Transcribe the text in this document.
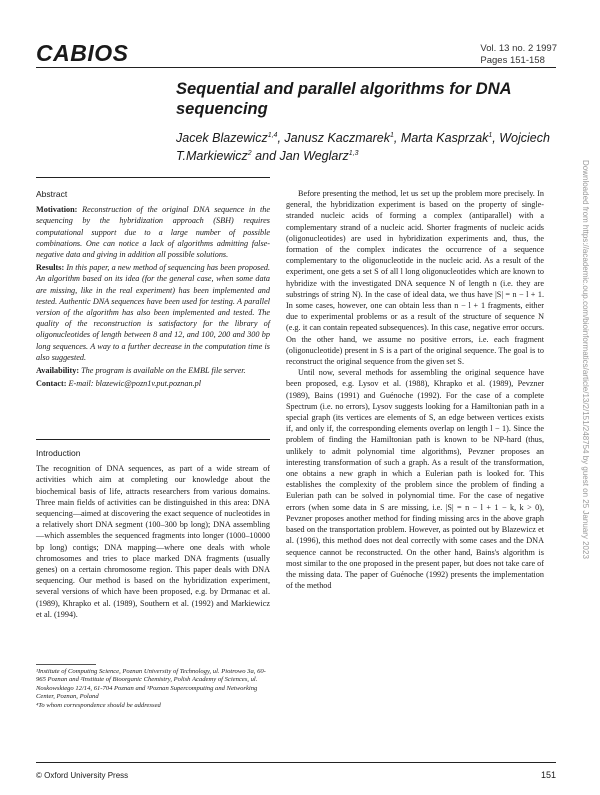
CABIOS	Vol. 13 no. 2 1997
Pages 151-158
Sequential and parallel algorithms for DNA sequencing
Jacek Blazewicz$^{1,4}$, Janusz Kaczmarek$^1$, Marta Kasprzak$^1$, Wojciech T.Markiewicz$^2$ and Jan Weglarz$^{1,3}$
Abstract

Motivation: Reconstruction of the original DNA sequence in the sequencing by the hybridization approach (SBH) requires computational support due to a large number of possible combinations. One can notice a lack of algorithms admitting false-negative data and giving in addition all possible solutions.

Results: In this paper, a new method of sequencing has been proposed. An algorithm based on its idea (for the general case, when some data are missing, like in the real experiment) has been implemented and tested. Authentic DNA sequences have been used for testing. A parallel version of the algorithm has also been implemented and tested. The quality of the reconstruction is satisfactory for the library of oligonucleotides of length between 8 and 12, and 100, 200 and 300 bp long sequences. A way to a further decrease in the computation time is also suggested.

Availability: The program is available on the EMBL file server.

Contact: E-mail: blazewic@pozn1v.put.poznan.pl

Introduction

The recognition of DNA sequences, as part of a wide stream of activities which aim at completing our knowledge about the biochemical basis of life, attracts researchers from various domains. Three main fields of activities can be distinguished in this area: DNA sequencing—aimed at discovering the exact sequence of nucleotides in a relatively short DNA segment (100–300 bp long); DNA assembling—which assembles the sequenced fragments into longer (1000–10000 bp long) contigs; DNA mapping—where one deals with whole chromosomes and tries to place marked DNA fragments (usually genes) on a certain chromosome region. This paper deals with DNA sequencing. Our method is based on the hybridization experiment, several versions of which have been proposed, e.g. by Drmanac et al. (1989), Khrapko et al. (1989), Southern et al. (1992) and Markiewicz et al. (1994).

¹Institute of Computing Science, Poznan University of Technology, ul. Piotrowo 3a, 60-965 Poznan and ²Institute of Bioorganic Chemistry, Polish Academy of Sciences, ul. Noskowskiego 12/14, 61-704 Poznan and ³Poznan Supercomputing and Networking Center, Poznan, Poland

⁴To whom correspondence should be addressed

Before presenting the method, let us set up the problem more precisely. In general, the hybridization experiment is based on the property of single-stranded nucleic acids of forming a complex (antiparallel) with a complementary strand of a nucleic acid. Shorter fragments of nucleic acids (oligonucleotides) are used in hybridization experiments and, thus, the formation of the complex indicates the occurrence of a sequence complementary to the oligonucleotide in the nucleic acid. As a result of the experiment, one gets a set S of all l long oligonucleotides which are known to hybridize with the investigated DNA sequence N of length n (i.e. they are substrings of string N). In the case of ideal data, we thus have |S| = n − l + 1. In some cases, however, one can obtain less than n − l + 1 fragments, either due to experimental problems or as a result of the structure of sequence N (e.g. it can contain repeated subsequences). In this case, negative error occurs. On the other hand, we assume no positive errors, i.e. each fragment (oligonucleotide) present in S is a part of the original sequence. The goal is to reconstruct the original sequence from the given set S.

Until now, several methods for assembling the original sequence have been proposed, e.g. Lysov et al. (1988), Khrapko et al. (1989), Pevzner (1989), Bains (1991) and Guénoche (1992). For the case of a complete Spectrum (i.e. no errors), Lysov suggests looking for a Hamiltonian path in a special graph (its vertices are elements of S, an edge between vertices exists if, and only if, the corresponding elements overlap on length l − 1). Since the problem of finding the Hamiltonian path is known to be NP-hard (thus, unlikely to admit polynomial time algorithms), Pevzner proposes an interesting transformation of such a graph. As a result of the transformation, one obtains a new graph in which a Eulerian path is looked for. This establishes the complexity of the problem since the problem of finding a Eulerian path can be solved in polynomial time. For the case of negative errors (when some data in S are missing, i.e. |S| = n − l + 1 − k, k > 0), Pevzner proposes another method for finding missing arcs in the above graph based on the transportation problem. However, as pointed out by Blazewicz et al. (1996), this method does not deal correctly with some cases and the DNA sequence cannot be reconstructed. On the other hand, Bains's algorithm is most similar to the one proposed in the present paper, but does not take care of the missing data. The paper of Guénoche (1992) presents the implementation of the method

© Oxford University Press	151
Downloaded from https://academic.oup.com/bioinformatics/article/13/2/151/248754 by guest on 25 January 2023
